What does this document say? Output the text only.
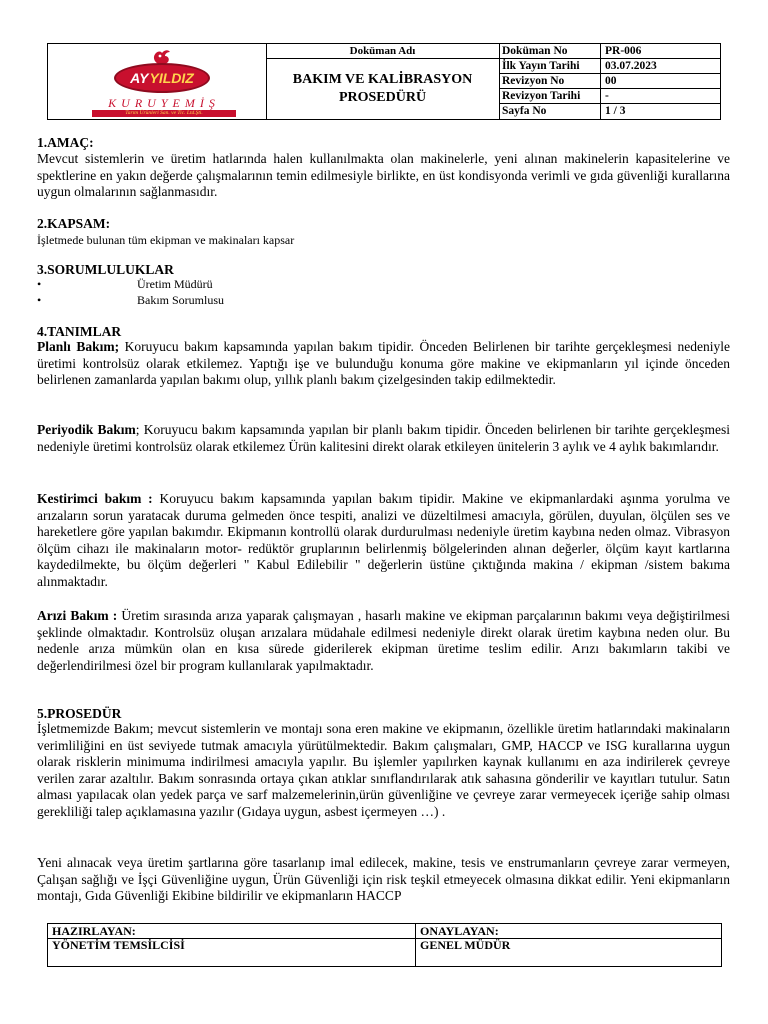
AYYILDIZ
KURUYEMİŞ
Tarım Ürünleri San. ve Tic. Ltd.Şti.
Doküman Adı
BAKIM VE KALİBRASYON
PROSEDÜRÜ
Doküman No	PR-006
İlk Yayın Tarihi	03.07.2023
Revizyon No	00
Revizyon Tarihi	-
Sayfa No	1 / 3
1.AMAÇ:
Mevcut sistemlerin ve üretim hatlarında halen kullanılmakta olan makinelerle, yeni alınan makinelerin kapasitelerine ve spektlerine en yakın değerde çalışmalarının temin edilmesiyle birlikte, en üst kondisyonda verimli ve gıda güvenliği kurallarına uygun olmalarının sağlanmasıdır.
2.KAPSAM:
İşletmede bulunan tüm ekipman ve makinaları kapsar
3.SORUMLULUKLAR
•	Üretim Müdürü
•	Bakım Sorumlusu
4.TANIMLAR
Planlı Bakım; Koruyucu bakım kapsamında yapılan bakım tipidir. Önceden Belirlenen bir tarihte gerçekleşmesi nedeniyle üretimi kontrolsüz olarak etkilemez. Yaptığı işe ve bulunduğu konuma göre makine ve ekipmanların yıl içinde önceden belirlenen zamanlarda yapılan bakımı olup, yıllık planlı bakım çizelgesinden takip edilmektedir.
Periyodik Bakım; Koruyucu bakım kapsamında yapılan bir planlı bakım tipidir. Önceden belirlenen bir tarihte gerçekleşmesi nedeniyle üretimi kontrolsüz olarak etkilemez Ürün kalitesini direkt olarak etkileyen ünitelerin 3 aylık ve 4 aylık bakımlarıdır.
Kestirimci bakım : Koruyucu bakım kapsamında yapılan bakım tipidir. Makine ve ekipmanlardaki aşınma yorulma ve arızaların sorun yaratacak duruma gelmeden önce tespiti, analizi ve düzeltilmesi amacıyla, görülen, duyulan, ölçülen ses ve hareketlere göre yapılan bakımdır. Ekipmanın kontrollü olarak durdurulması nedeniyle üretim kaybına neden olmaz. Vibrasyon ölçüm cihazı ile makinaların motor- redüktör gruplarının belirlenmiş bölgelerinden alınan değerler, ölçüm kayıt kartlarına kaydedilmekte, bu ölçüm değerleri " Kabul Edilebilir " değerlerin üstüne çıktığında makina / ekipman /sistem bakıma alınmaktadır.
Arızi Bakım : Üretim sırasında arıza yaparak çalışmayan , hasarlı makine ve ekipman parçalarının bakımı veya değiştirilmesi şeklinde olmaktadır. Kontrolsüz oluşan arızalara müdahale edilmesi nedeniyle direkt olarak üretim kaybına neden olur. Bu nedenle arıza mümkün olan en kısa sürede giderilerek ekipman üretime teslim edilir. Arızı bakımların takibi ve değerlendirilmesi özel bir program kullanılarak yapılmaktadır.
5.PROSEDÜR
İşletmemizde Bakım; mevcut sistemlerin ve montajı sona eren makine ve ekipmanın, özellikle üretim hatlarındaki makinaların verimliliğini en üst seviyede tutmak amacıyla yürütülmektedir. Bakım çalışmaları, GMP, HACCP ve ISG kurallarına uygun olarak risklerin minimuma indirilmesi amacıyla yapılır. Bu işlemler yapılırken kaynak kullanımı en aza indirilerek çevreye verilen zarar azaltılır. Bakım sonrasında ortaya çıkan atıklar sınıflandırılarak atık sahasına gönderilir ve kayıtları tutulur. Satın alması yapılacak olan yedek parça ve sarf malzemelerinin,ürün güvenliğine ve çevreye zarar vermeyecek içeriğe sahip olması gerekliliği talep açıklamasına yazılır (Gıdaya uygun, asbest içermeyen …) .
Yeni alınacak veya üretim şartlarına göre tasarlanıp imal edilecek, makine, tesis ve enstrumanların çevreye zarar vermeyen, Çalışan sağlığı ve İşçi Güvenliğine uygun, Ürün Güvenliği için risk teşkil etmeyecek olmasına dikkat edilir. Yeni ekipmanların montajı, Gıda Güvenliği Ekibine bildirilir ve ekipmanların HACCP
HAZIRLAYAN:
YÖNETİM TEMSİLCİSİ
ONAYLAYAN:
GENEL MÜDÜR
